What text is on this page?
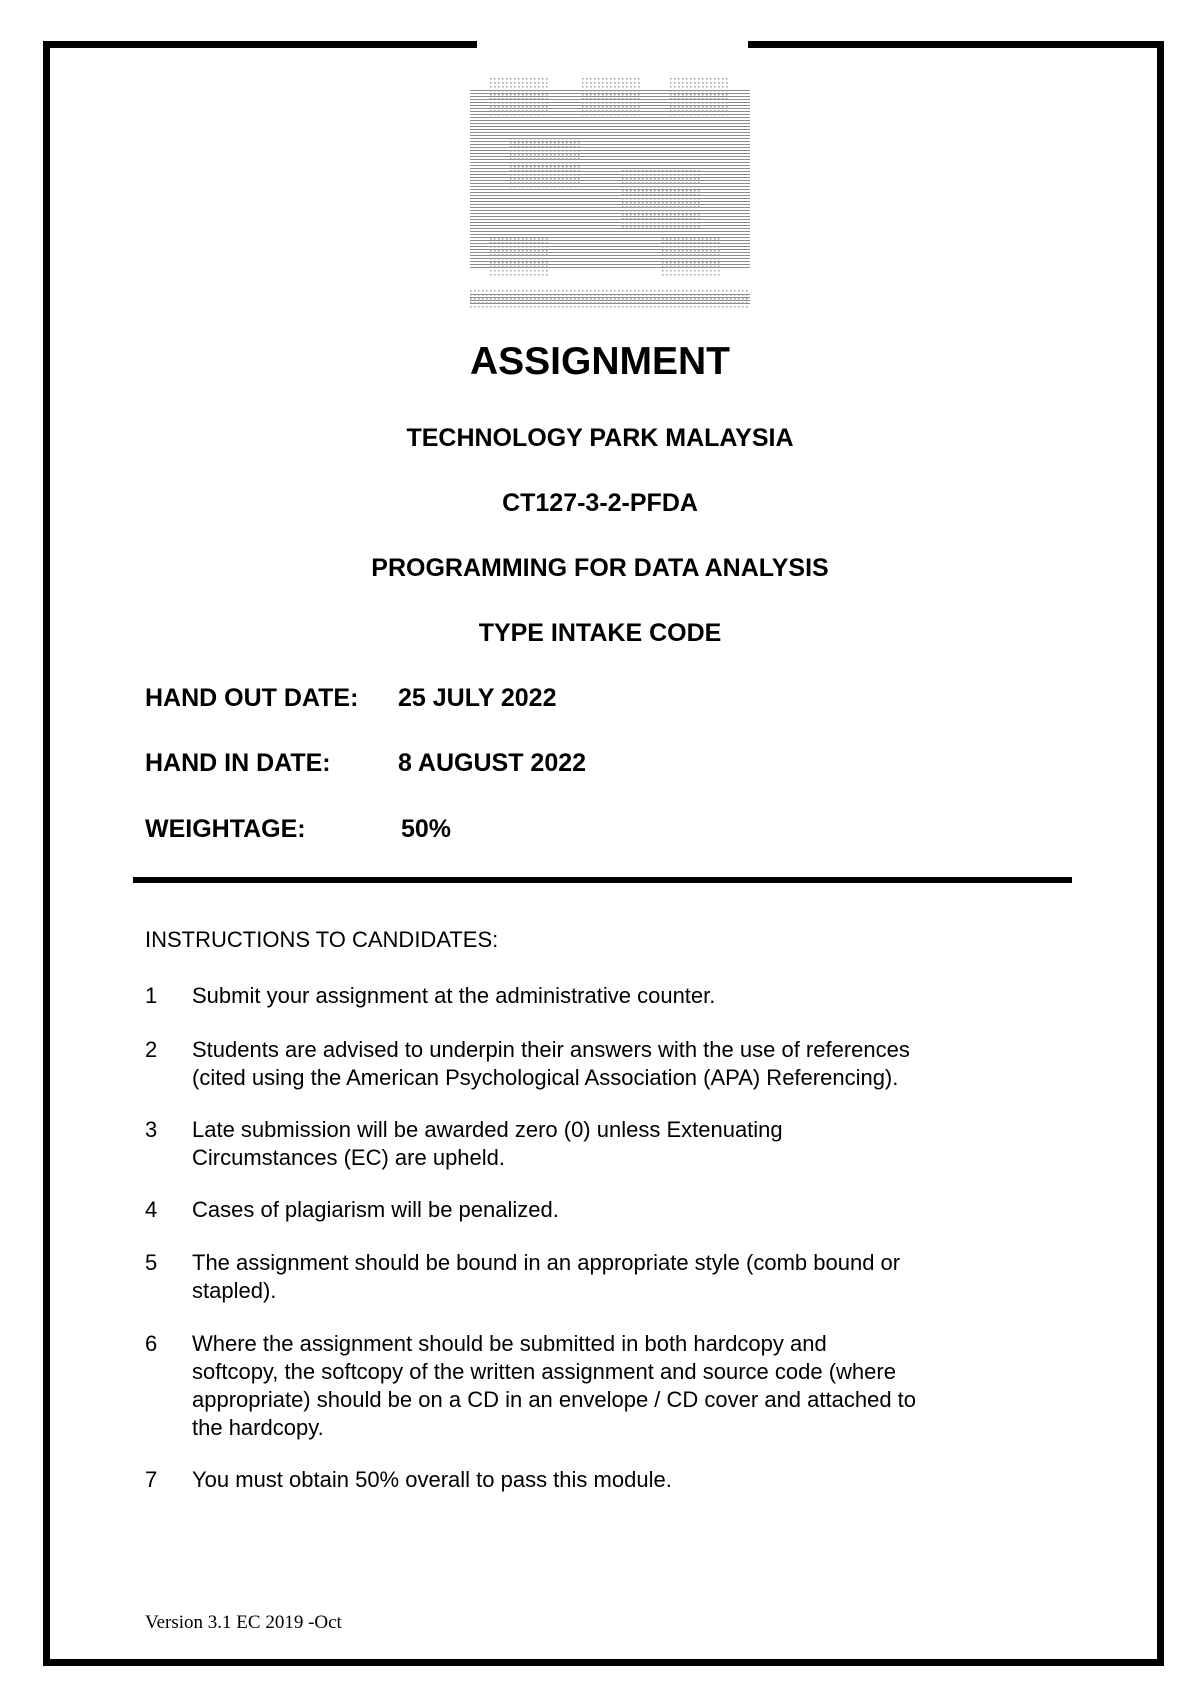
ASSIGNMENT
TECHNOLOGY PARK MALAYSIA
CT127-3-2-PFDA
PROGRAMMING FOR DATA ANALYSIS
TYPE INTAKE CODE
HAND OUT DATE: 25 JULY 2022
HAND IN DATE:	8 AUGUST 2022
WEIGHTAGE:	50%
INSTRUCTIONS TO CANDIDATES:
1 Submit your assignment at the administrative counter.
2 Students are advised to underpin their answers with the use of references
(cited using the American Psychological Association (APA) Referencing).
3 Late submission will be awarded zero (0) unless Extenuating
Circumstances (EC) are upheld.
4 Cases of plagiarism will be penalized.
5 The assignment should be bound in an appropriate style (comb bound or
stapled).
6 Where the assignment should be submitted in both hardcopy and
softcopy, the softcopy of the written assignment and source code (where
appropriate) should be on a CD in an envelope / CD cover and attached to
the hardcopy.
7 You must obtain 50% overall to pass this module.
Version 3.1 EC 2019 -Oct
